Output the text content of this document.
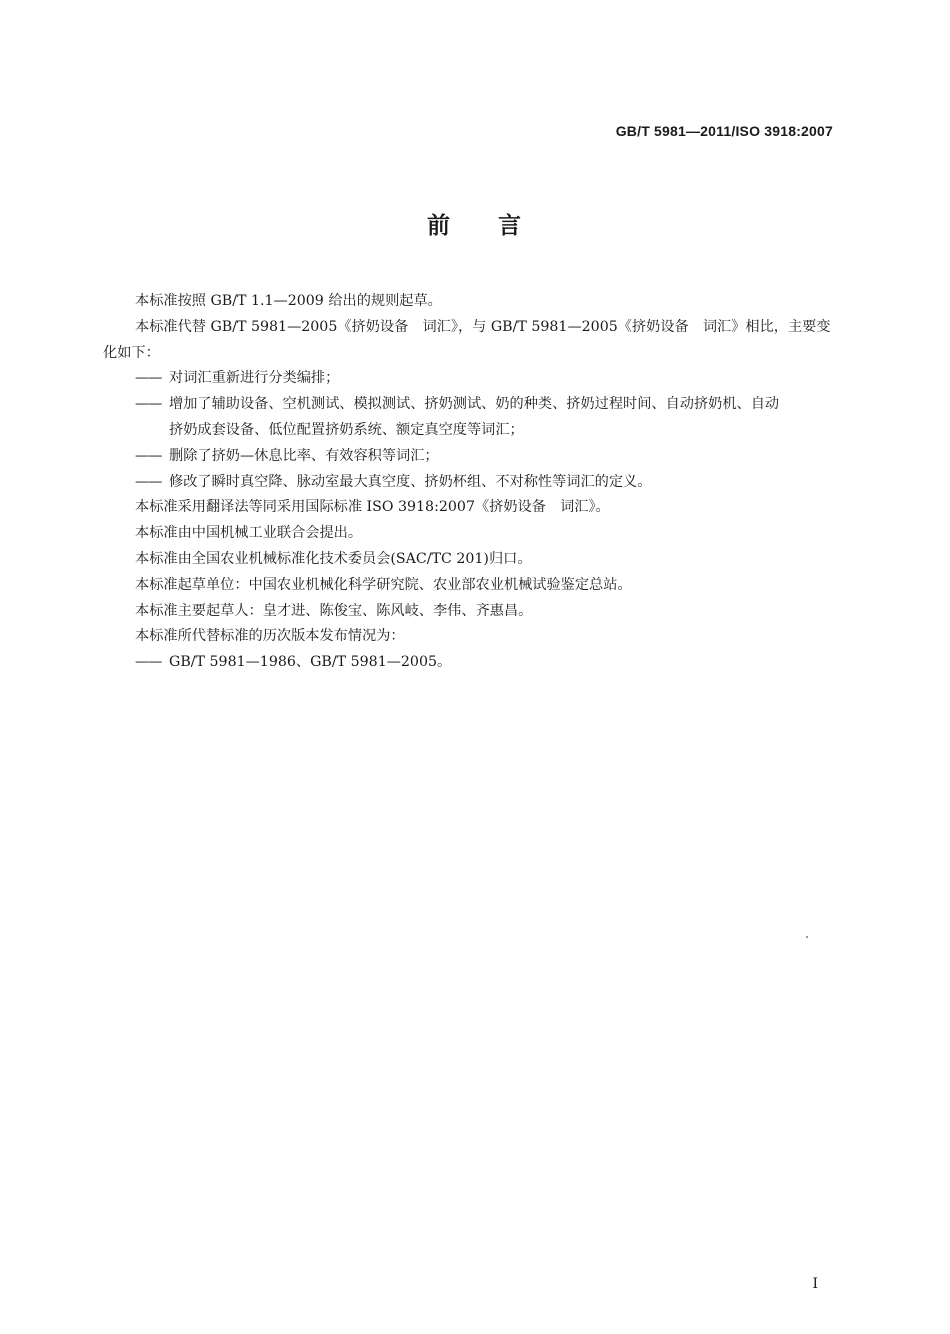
GB/T 5981—2011/ISO 3918:2007
前 言

本标准按照 GB/T 1.1—2009 给出的规则起草。

本标准代替 GB/T 5981—2005《挤奶设备　词汇》，与 GB/T 5981—2005《挤奶设备　词汇》相比，主要变化如下：

—— 对词汇重新进行分类编排；
—— 增加了辅助设备、空机测试、模拟测试、挤奶测试、奶的种类、挤奶过程时间、自动挤奶机、自动
挤奶成套设备、低位配置挤奶系统、额定真空度等词汇；
—— 删除了挤奶—休息比率、有效容积等词汇；
—— 修改了瞬时真空降、脉动室最大真空度、挤奶杯组、不对称性等词汇的定义。

本标准采用翻译法等同采用国际标准 ISO 3918:2007《挤奶设备　词汇》。

本标准由中国机械工业联合会提出。

本标准由全国农业机械标准化技术委员会(SAC/TC 201)归口。

本标准起草单位：中国农业机械化科学研究院、农业部农业机械试验鉴定总站。

本标准主要起草人：皇才进、陈俊宝、陈风岐、李伟、齐惠昌。

本标准所代替标准的历次版本发布情况为：

—— GB/T 5981—1986、GB/T 5981—2005。
I
